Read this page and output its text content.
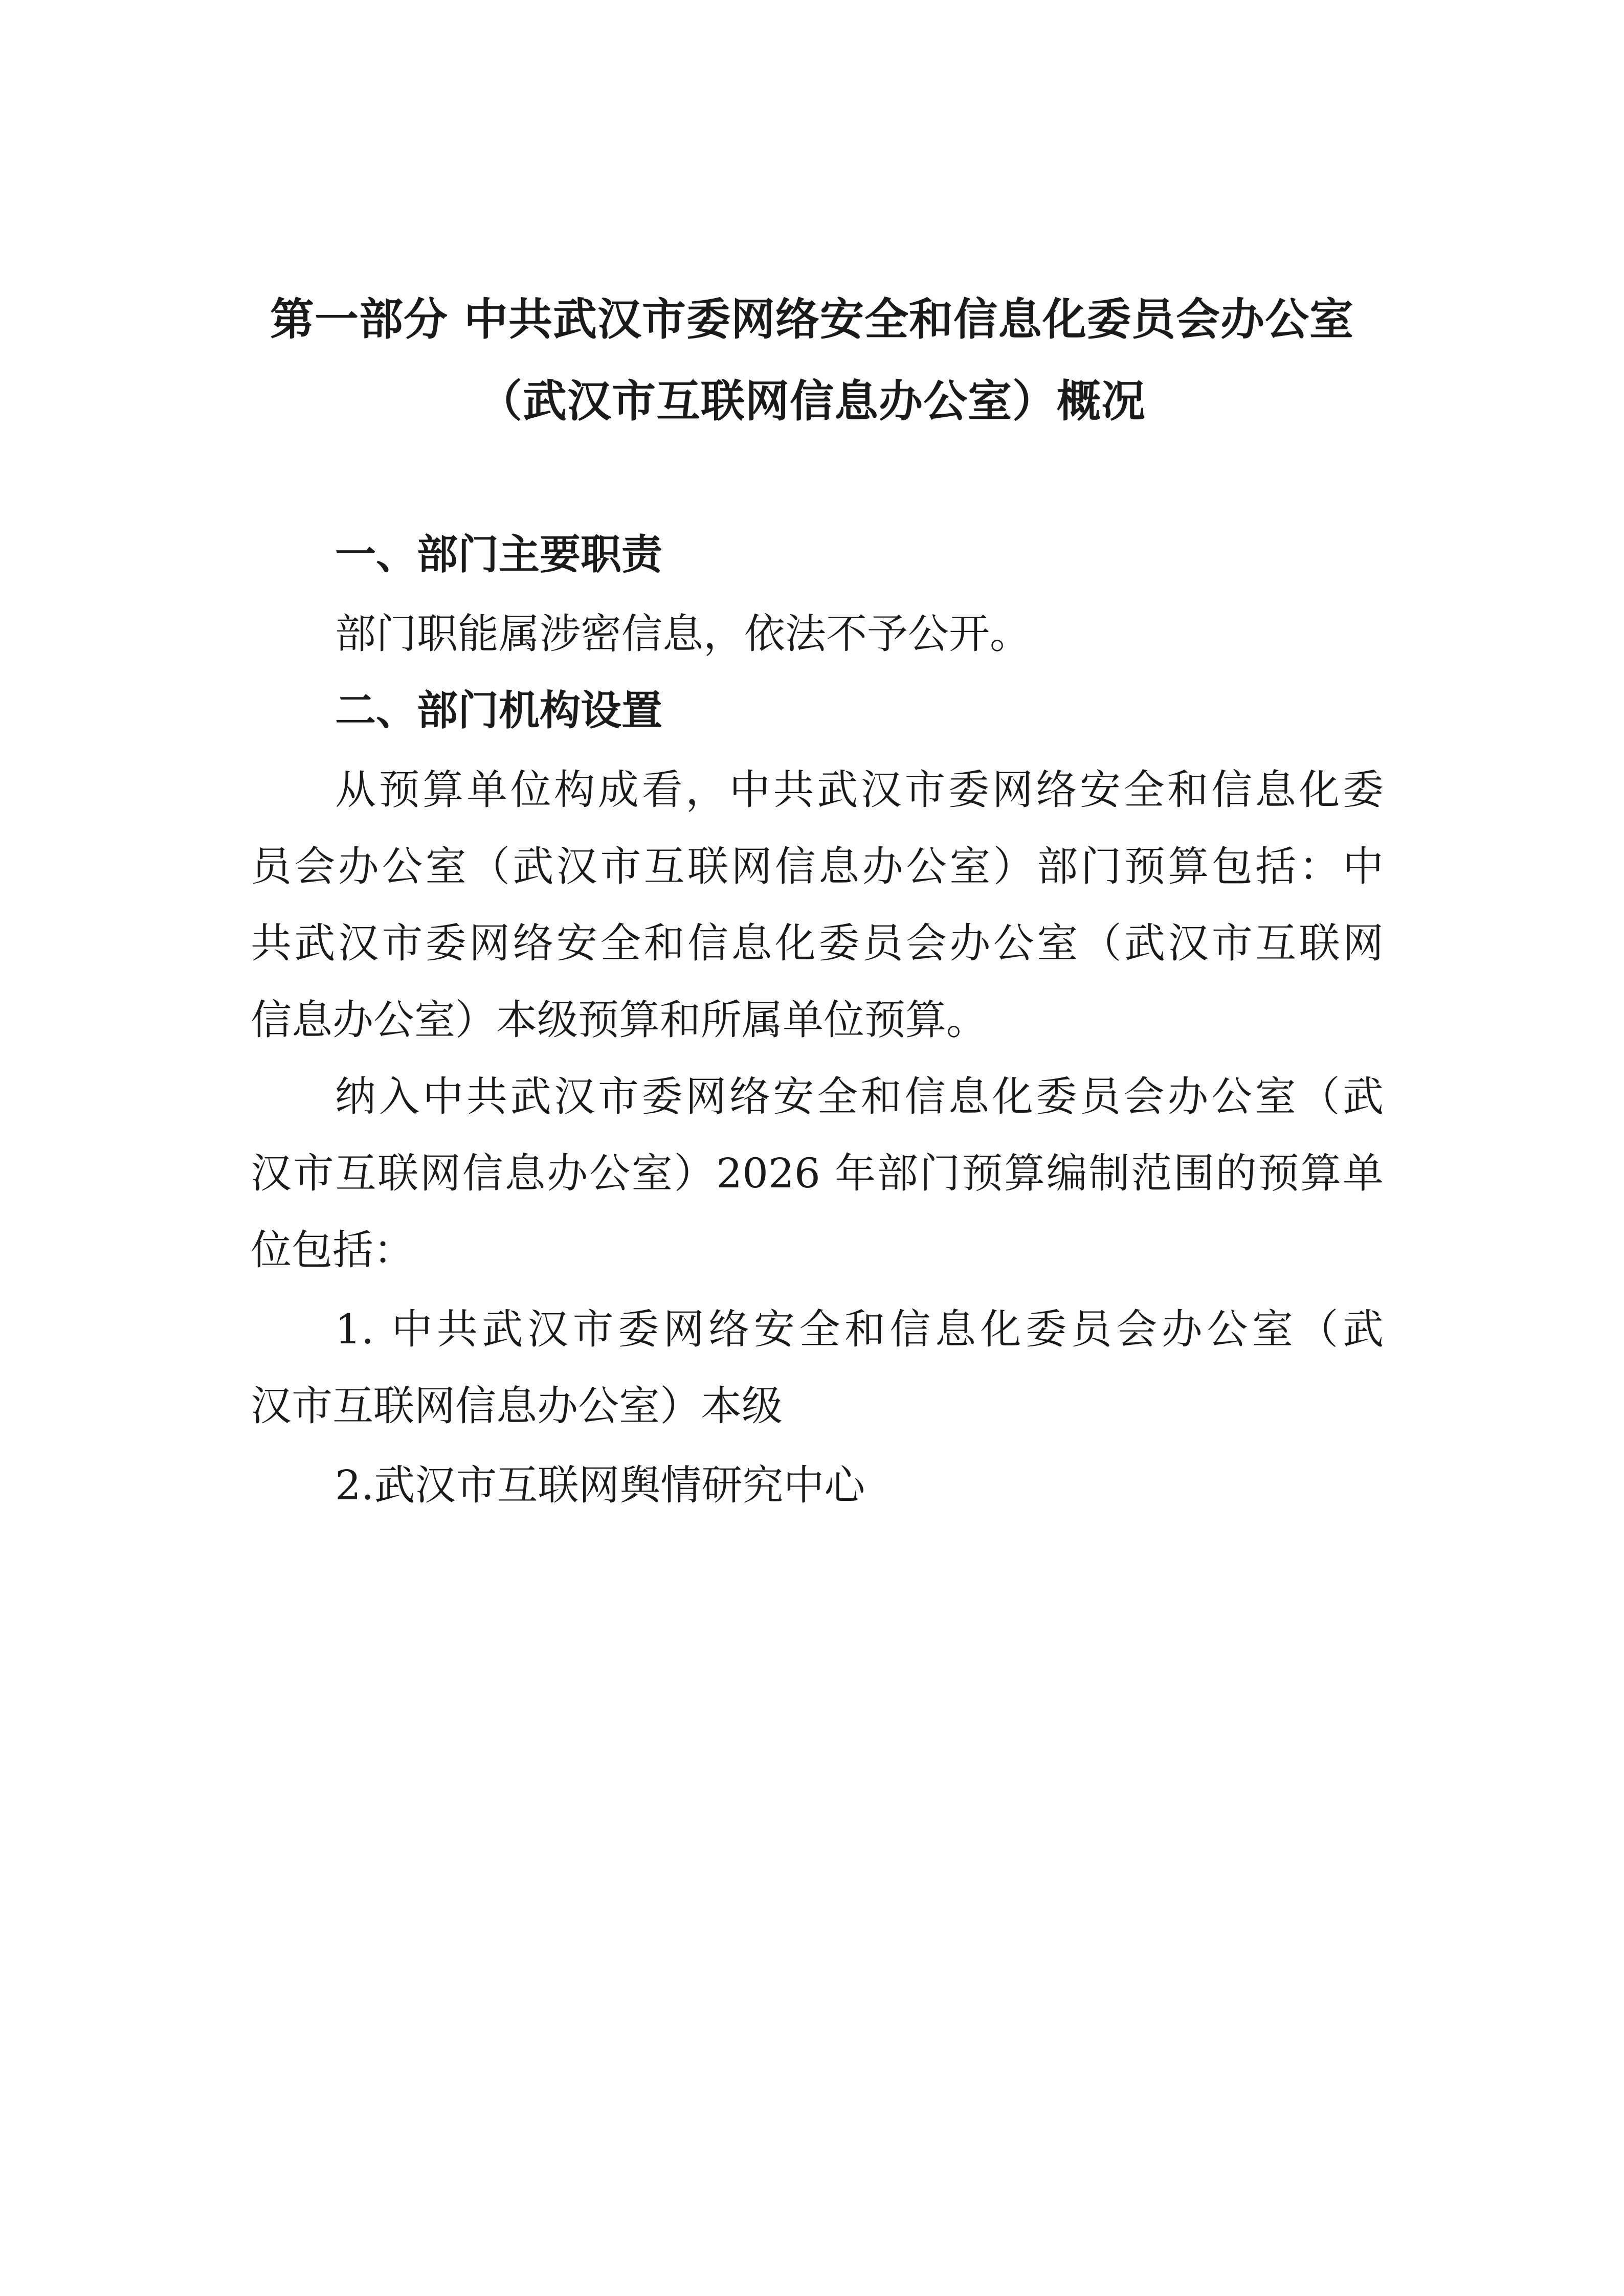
第一部分 中共武汉市委网络安全和信息化委员会办公室
（武汉市互联网信息办公室）概况
一、部门主要职责
部门职能属涉密信息，依法不予公开。
二、部门机构设置
从预算单位构成看，中共武汉市委网络安全和信息化委
员会办公室（武汉市互联网信息办公室）部门预算包括：中
共武汉市委网络安全和信息化委员会办公室（武汉市互联网
信息办公室）本级预算和所属单位预算。
纳入中共武汉市委网络安全和信息化委员会办公室（武
汉市互联网信息办公室）2026 年部门预算编制范围的预算单
位包括：
1. 中共武汉市委网络安全和信息化委员会办公室（武
汉市互联网信息办公室）本级
2.武汉市互联网舆情研究中心
